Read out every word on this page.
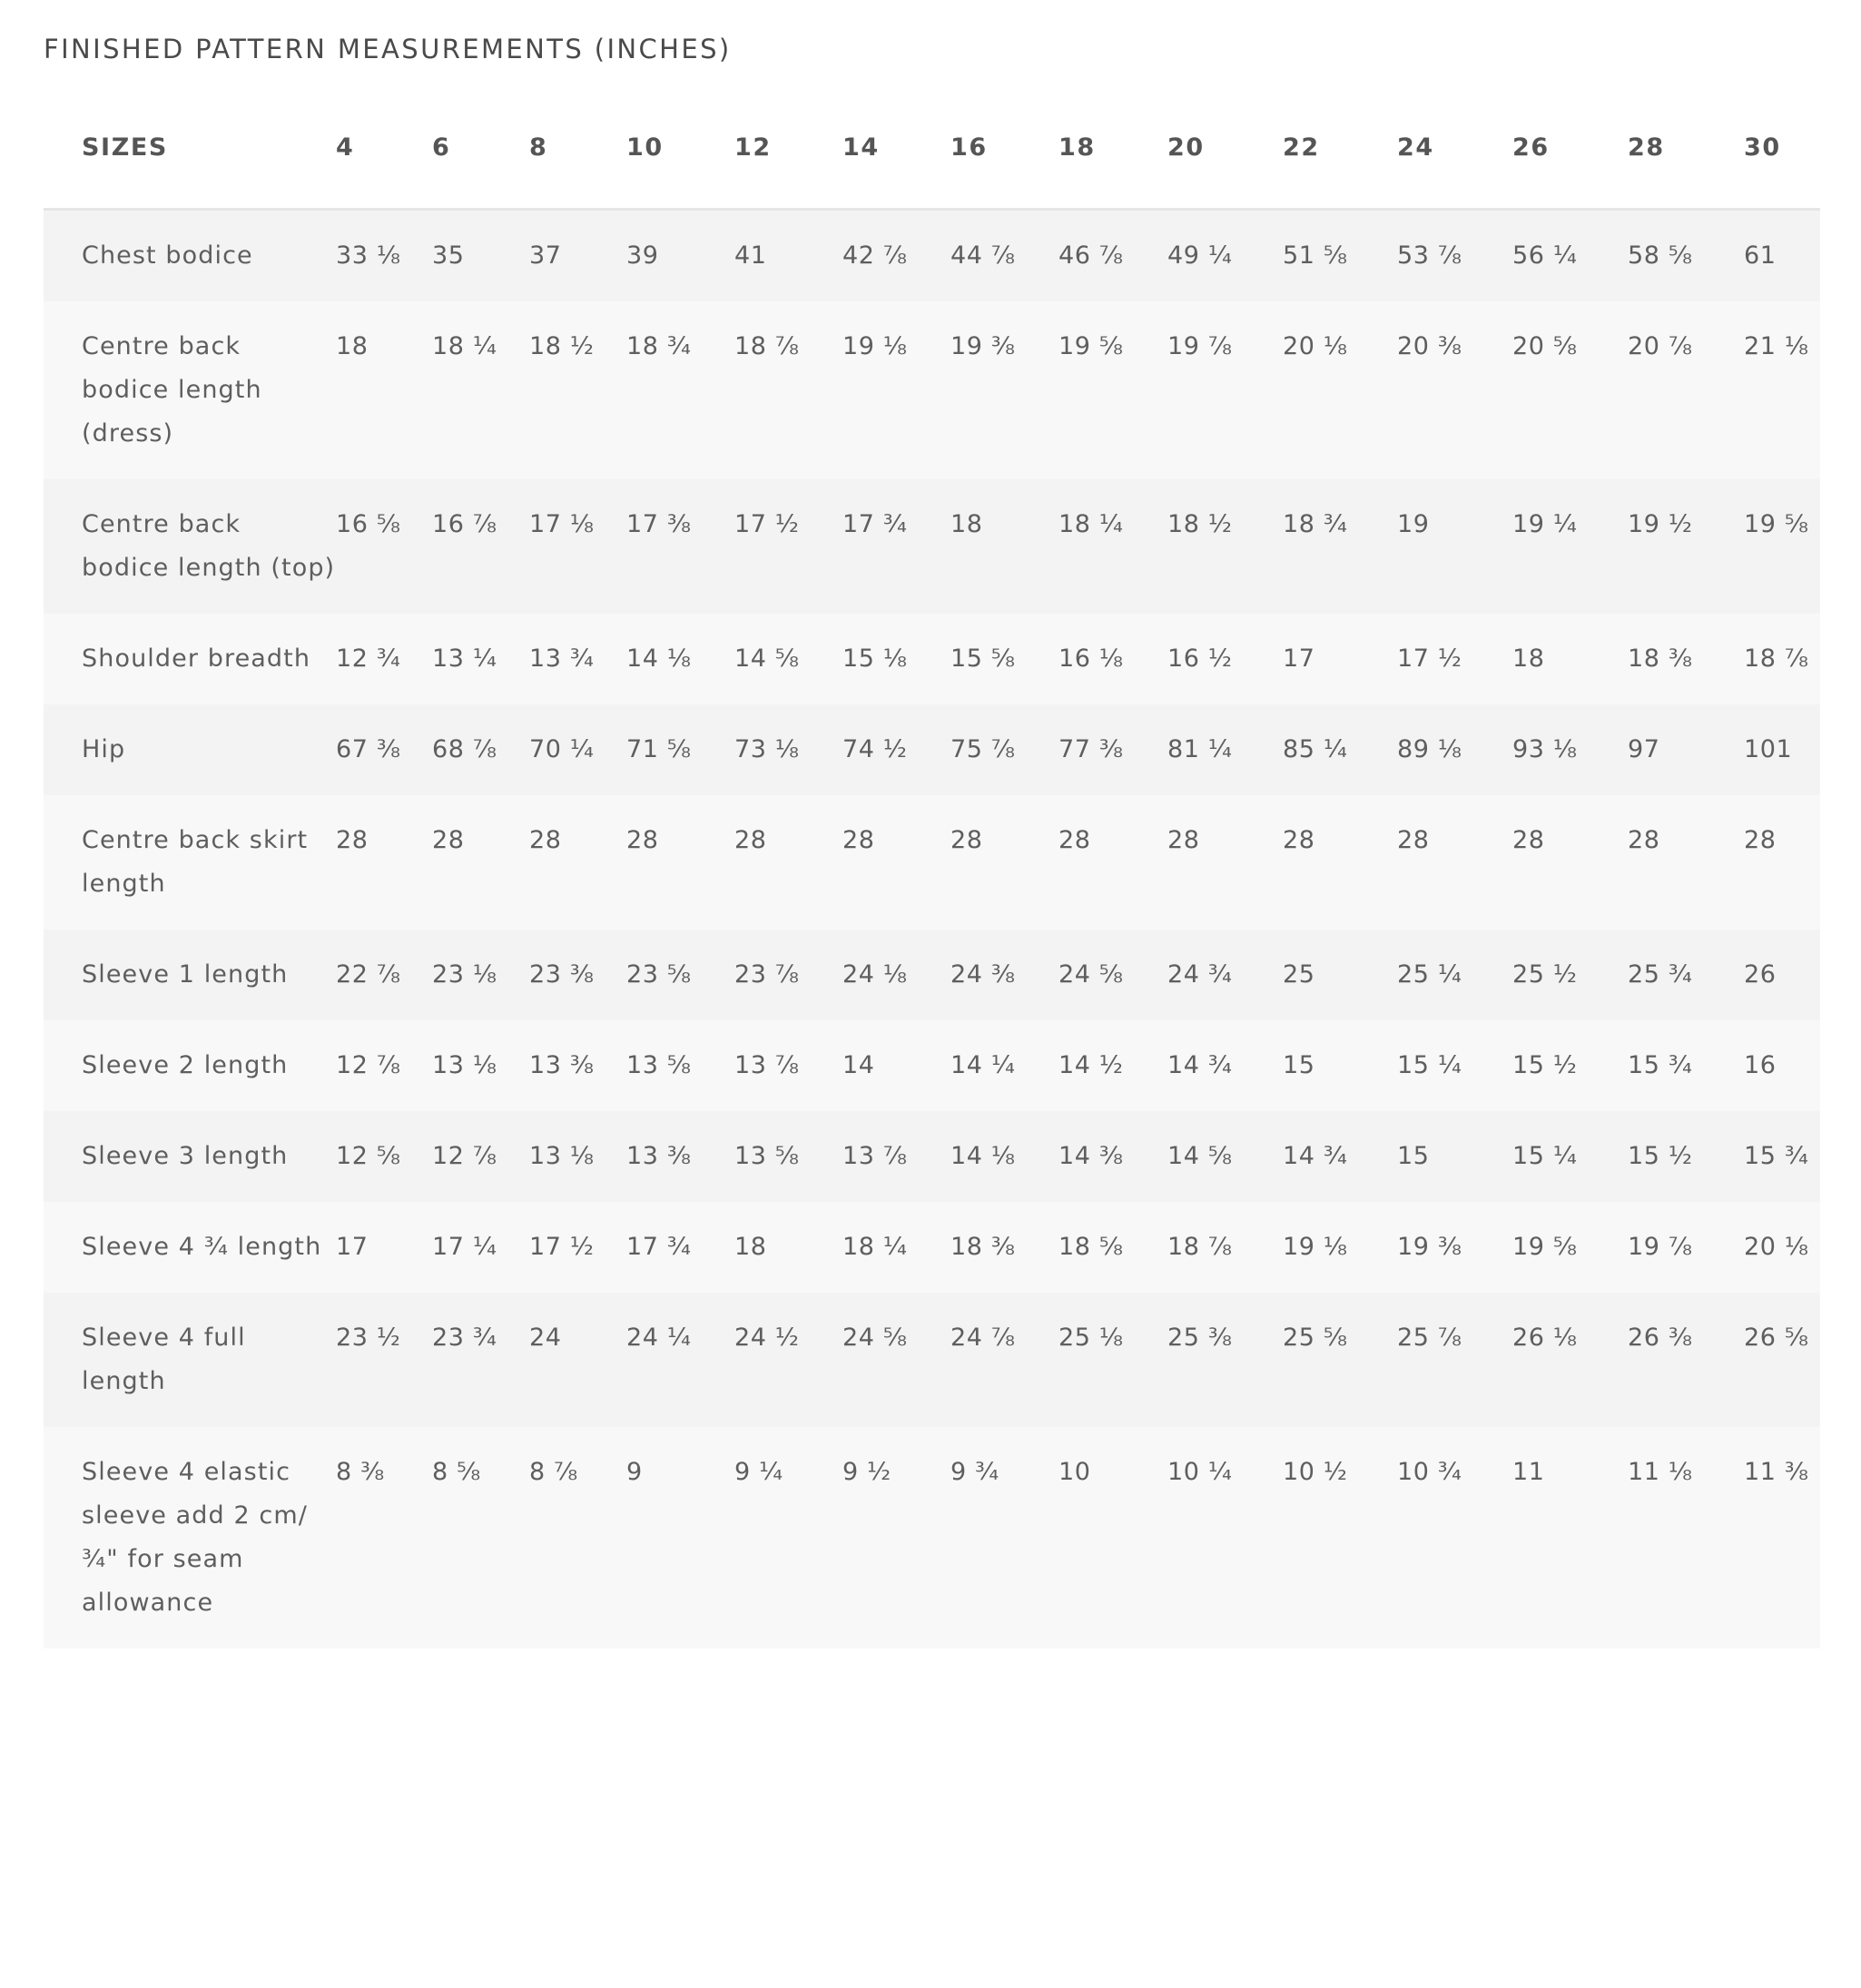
FINISHED PATTERN MEASUREMENTS (INCHES)
SIZES	4	6	8	10	12	14	16	18	20	22	24	26	28	30	
Chest bodice	33 ⅛	35	37	39	41	42 ⅞	44 ⅞	46 ⅞	49 ¼	51 ⅝	53 ⅞	56 ¼	58 ⅝	61	
Centre back bodice length (dress)	18	18 ¼	18 ½	18 ¾	18 ⅞	19 ⅛	19 ⅜	19 ⅝	19 ⅞	20 ⅛	20 ⅜	20 ⅝	20 ⅞	21 ⅛	
Centre back bodice length (top)	16 ⅝	16 ⅞	17 ⅛	17 ⅜	17 ½	17 ¾	18	18 ¼	18 ½	18 ¾	19	19 ¼	19 ½	19 ⅝	
Shoulder breadth	12 ¾	13 ¼	13 ¾	14 ⅛	14 ⅝	15 ⅛	15 ⅝	16 ⅛	16 ½	17	17 ½	18	18 ⅜	18 ⅞	
Hip	67 ⅜	68 ⅞	70 ¼	71 ⅝	73 ⅛	74 ½	75 ⅞	77 ⅜	81 ¼	85 ¼	89 ⅛	93 ⅛	97	101	
Centre back skirt length	28	28	28	28	28	28	28	28	28	28	28	28	28	28	
Sleeve 1 length	22 ⅞	23 ⅛	23 ⅜	23 ⅝	23 ⅞	24 ⅛	24 ⅜	24 ⅝	24 ¾	25	25 ¼	25 ½	25 ¾	26	
Sleeve 2 length	12 ⅞	13 ⅛	13 ⅜	13 ⅝	13 ⅞	14	14 ¼	14 ½	14 ¾	15	15 ¼	15 ½	15 ¾	16	
Sleeve 3 length	12 ⅝	12 ⅞	13 ⅛	13 ⅜	13 ⅝	13 ⅞	14 ⅛	14 ⅜	14 ⅝	14 ¾	15	15 ¼	15 ½	15 ¾	
Sleeve 4 ¾ length	17	17 ¼	17 ½	17 ¾	18	18 ¼	18 ⅜	18 ⅝	18 ⅞	19 ⅛	19 ⅜	19 ⅝	19 ⅞	20 ⅛	
Sleeve 4 full length	23 ½	23 ¾	24	24 ¼	24 ½	24 ⅝	24 ⅞	25 ⅛	25 ⅜	25 ⅝	25 ⅞	26 ⅛	26 ⅜	26 ⅝	
Sleeve 4 elastic sleeve add 2 cm/¾" for seam allowance	8 ⅜	8 ⅝	8 ⅞	9	9 ¼	9 ½	9 ¾	10	10 ¼	10 ½	10 ¾	11	11 ⅛	11 ⅜	
